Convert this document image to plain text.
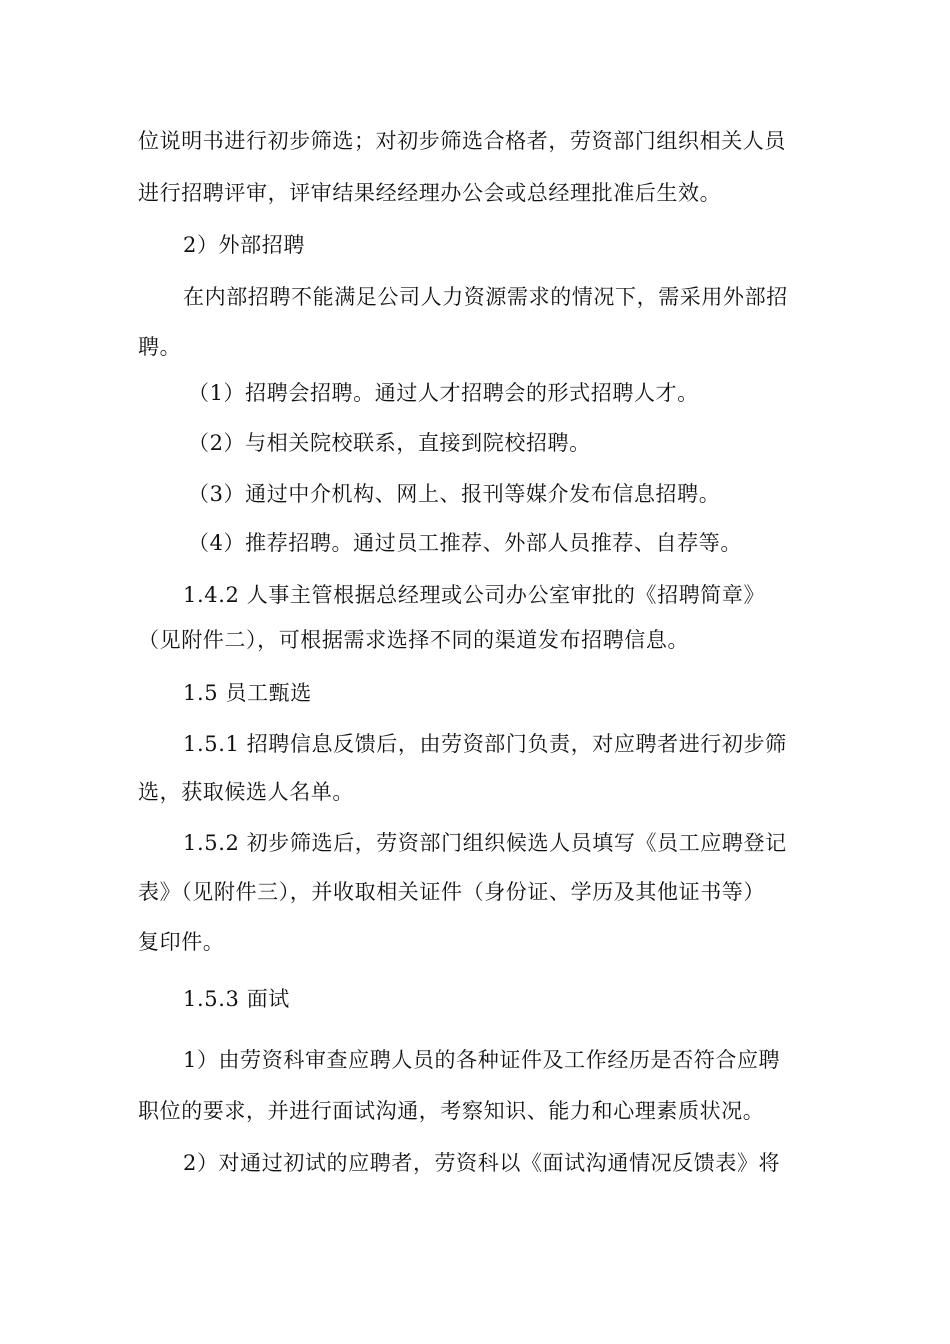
位说明书进行初步筛选；对初步筛选合格者，劳资部门组织相关人员
进行招聘评审，评审结果经经理办公会或总经理批准后生效。
2）外部招聘
在内部招聘不能满足公司人力资源需求的情况下，需采用外部招
聘。
（1）招聘会招聘。通过人才招聘会的形式招聘人才。
（2）与相关院校联系，直接到院校招聘。
（3）通过中介机构、网上、报刊等媒介发布信息招聘。
（4）推荐招聘。通过员工推荐、外部人员推荐、自荐等。
1.4.2 人事主管根据总经理或公司办公室审批的《招聘简章》
（见附件二），可根据需求选择不同的渠道发布招聘信息。
1.5 员工甄选
1.5.1 招聘信息反馈后，由劳资部门负责，对应聘者进行初步筛
选，获取候选人名单。
1.5.2 初步筛选后，劳资部门组织候选人员填写《员工应聘登记
表》（见附件三），并收取相关证件（身份证、学历及其他证书等）
复印件。
1.5.3 面试
1）由劳资科审查应聘人员的各种证件及工作经历是否符合应聘
职位的要求，并进行面试沟通，考察知识、能力和心理素质状况。
2）对通过初试的应聘者，劳资科以《面试沟通情况反馈表》将
